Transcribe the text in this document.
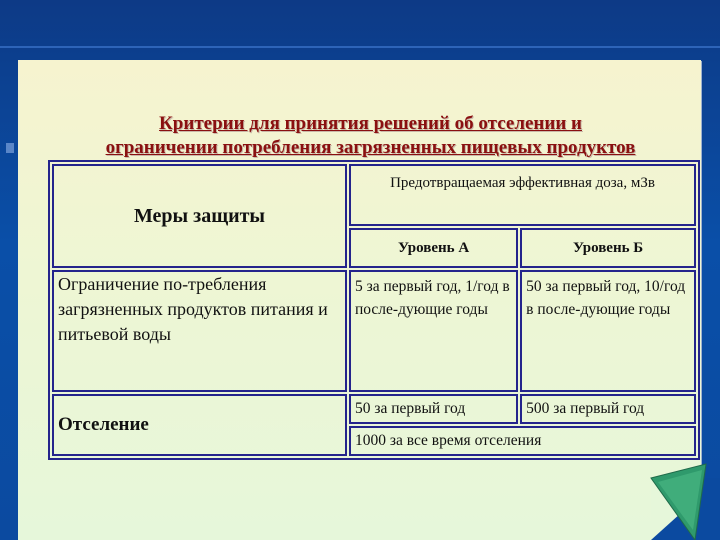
Критерии для принятия решений об отселении и
ограничении потребления загрязненных пищевых продуктов
Меры защиты	Предотвращаемая эффективная доза, мЗв	
	Уровень А	Уровень Б
Ограничение по-требления загрязненных продуктов питания и питьевой воды	5 за первый год, 1/год в после-дующие годы	50 за первый год, 10/год в после-дующие годы
Отселение	50 за первый год	500 за первый год
	1000 за все время отселения	
